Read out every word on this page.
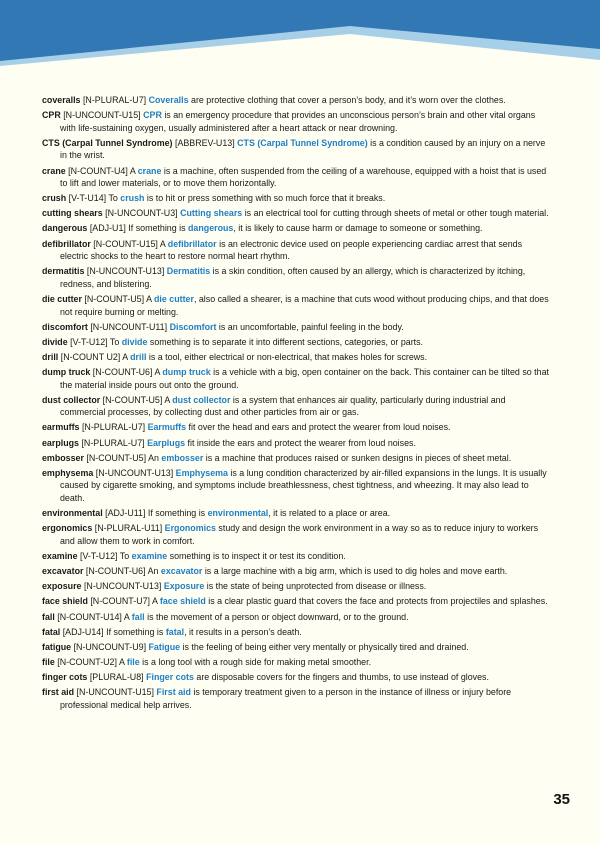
coveralls [N-PLURAL-U7] Coveralls are protective clothing that cover a person’s body, and it’s worn over the clothes.

CPR [N-UNCOUNT-U15] CPR is an emergency procedure that provides an unconscious person’s brain and other vital organs with life-sustaining oxygen, usually administered after a heart attack or near drowning.

CTS (Carpal Tunnel Syndrome) [ABBREV-U13] CTS (Carpal Tunnel Syndrome) is a condition caused by an injury on a nerve in the wrist.

crane [N-COUNT-U4] A crane is a machine, often suspended from the ceiling of a warehouse, equipped with a hoist that is used to lift and lower materials, or to move them horizontally.

crush [V-T-U14] To crush is to hit or press something with so much force that it breaks.

cutting shears [N-UNCOUNT-U3] Cutting shears is an electrical tool for cutting through sheets of metal or other tough material.

dangerous [ADJ-U1] If something is dangerous, it is likely to cause harm or damage to someone or something.

defibrillator [N-COUNT-U15] A defibrillator is an electronic device used on people experiencing cardiac arrest that sends electric shocks to the heart to restore normal heart rhythm.

dermatitis [N-UNCOUNT-U13] Dermatitis is a skin condition, often caused by an allergy, which is characterized by itching, redness, and blistering.

die cutter [N-COUNT-U5] A die cutter, also called a shearer, is a machine that cuts wood without producing chips, and that does not require burning or melting.

discomfort [N-UNCOUNT-U11] Discomfort is an uncomfortable, painful feeling in the body.

divide [V-T-U12] To divide something is to separate it into different sections, categories, or parts.

drill [N-COUNT U2] A drill is a tool, either electrical or non-electrical, that makes holes for screws.

dump truck [N-COUNT-U6] A dump truck is a vehicle with a big, open container on the back. This container can be tilted so that the material inside pours out onto the ground.

dust collector [N-COUNT-U5] A dust collector is a system that enhances air quality, particularly during industrial and commercial processes, by collecting dust and other particles from air or gas.

earmuffs [N-PLURAL-U7] Earmuffs fit over the head and ears and protect the wearer from loud noises.

earplugs [N-PLURAL-U7] Earplugs fit inside the ears and protect the wearer from loud noises.

embosser [N-COUNT-U5] An embosser is a machine that produces raised or sunken designs in pieces of sheet metal.

emphysema [N-UNCOUNT-U13] Emphysema is a lung condition characterized by air-filled expansions in the lungs. It is usually caused by cigarette smoking, and symptoms include breathlessness, chest tightness, and wheezing. It may also lead to death.

environmental [ADJ-U11] If something is environmental, it is related to a place or area.

ergonomics [N-PLURAL-U11] Ergonomics study and design the work environment in a way so as to reduce injury to workers and allow them to work in comfort.

examine [V-T-U12] To examine something is to inspect it or test its condition.

excavator [N-COUNT-U6] An excavator is a large machine with a big arm, which is used to dig holes and move earth.

exposure [N-UNCOUNT-U13] Exposure is the state of being unprotected from disease or illness.

face shield [N-COUNT-U7] A face shield is a clear plastic guard that covers the face and protects from projectiles and splashes.

fall [N-COUNT-U14] A fall is the movement of a person or object downward, or to the ground.

fatal [ADJ-U14] If something is fatal, it results in a person’s death.

fatigue [N-UNCOUNT-U9] Fatigue is the feeling of being either very mentally or physically tired and drained.

file [N-COUNT-U2] A file is a long tool with a rough side for making metal smoother.

finger cots [PLURAL-U8] Finger cots are disposable covers for the fingers and thumbs, to use instead of gloves.

first aid [N-UNCOUNT-U15] First aid is temporary treatment given to a person in the instance of illness or injury before professional medical help arrives.

35
